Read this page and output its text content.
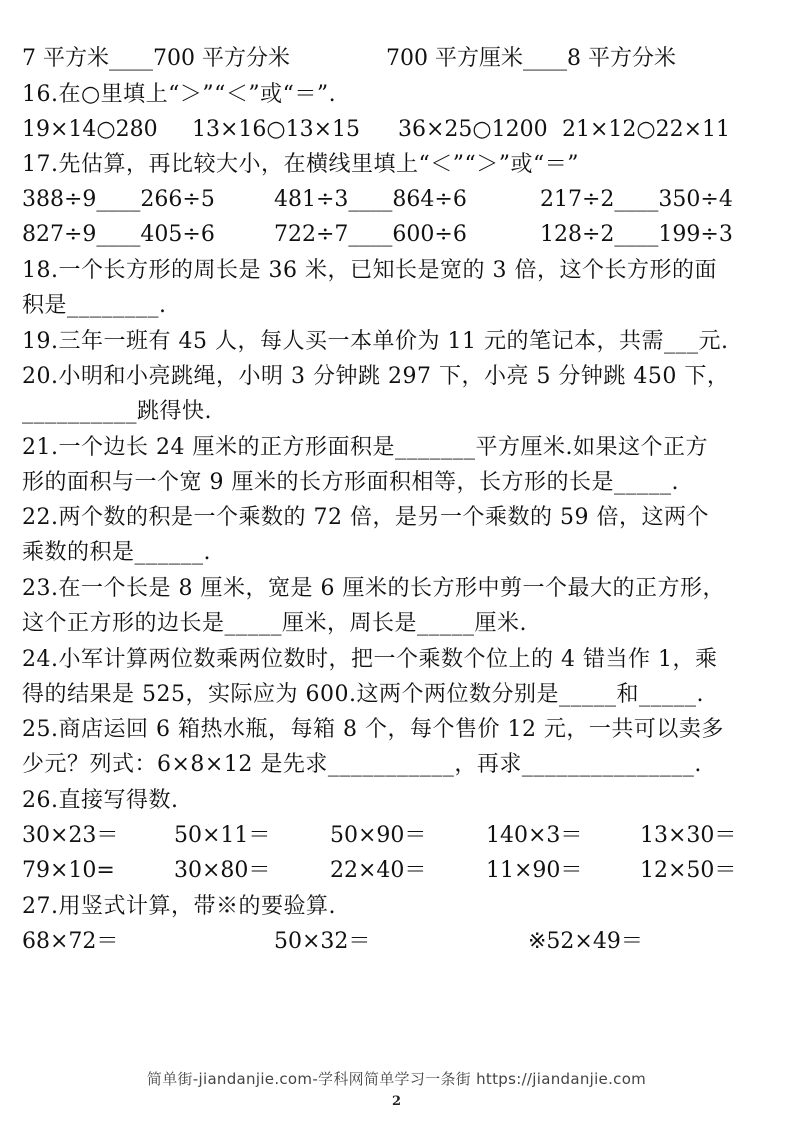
7 平方米____700 平方分米	700 平方厘米____8 平方分米
16.在○里填上“＞”“＜”或“＝”.
19×14○280 13×16○13×15 36×25○1200 21×12○22×11
17.先估算，再比较大小，在横线里填上“＜”“＞”或“＝”
388÷9____266÷5	481÷3____864÷6	217÷2____350÷4
827÷9____405÷6	722÷7____600÷6	128÷2____199÷3
18.一个长方形的周长是 36 米，已知长是宽的 3 倍，这个长方形的面
积是________.
19.三年一班有 45 人，每人买一本单价为 11 元的笔记本，共需___元.
20.小明和小亮跳绳，小明 3 分钟跳 297 下，小亮 5 分钟跳 450 下，
__________跳得快.
21.一个边长 24 厘米的正方形面积是_______平方厘米.如果这个正方
形的面积与一个宽 9 厘米的长方形面积相等，长方形的长是_____.
22.两个数的积是一个乘数的 72 倍，是另一个乘数的 59 倍，这两个
乘数的积是______.
23.在一个长是 8 厘米，宽是 6 厘米的长方形中剪一个最大的正方形，
这个正方形的边长是_____厘米，周长是_____厘米.
24.小军计算两位数乘两位数时，把一个乘数个位上的 4 错当作 1，乘
得的结果是 525，实际应为 600.这两个两位数分别是_____和_____.
25.商店运回 6 箱热水瓶，每箱 8 个，每个售价 12 元，一共可以卖多
少元？列式：6×8×12 是先求___________，再求_______________.
26.直接写得数.
30×23＝	50×11＝	50×90＝	140×3＝	13×30＝
79×10=	30×80＝	22×40＝	11×90＝	12×50＝
27.用竖式计算，带※的要验算.
68×72＝	50×32＝	※52×49＝
简单街-jiandanjie.com-学科网简单学习一条街 https://jiandanjie.com
2
